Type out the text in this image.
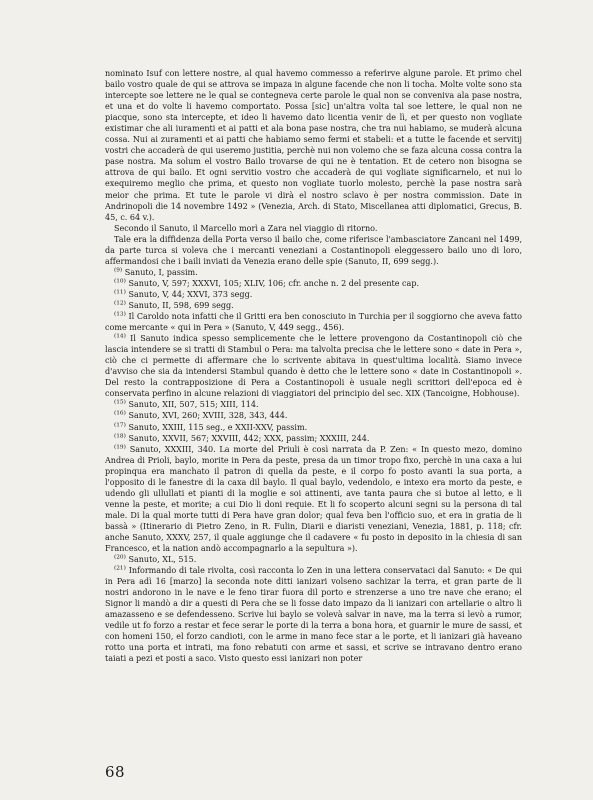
nominato Isuf con lettere nostre, al qual havemo commesso a referirve algune parole. Et primo chel bailo vostro quale de qui se attrova se impaza in algune facende che non li tocha. Molte volte sono sta intercepte soe lettere ne le qual se contegneva certe parole le qual non se conveniva ala pase nostra, et una et do volte li havemo comportato. Possa [sic] un'altra volta tal soe lettere, le qual non ne piacque, sono sta intercepte, et ideo li havemo dato licentia venir de lì, et per questo non vogliate existimar che ali iuramenti et ai patti et ala bona pase nostra, che tra nui habiamo, se muderà alcuna cossa. Nui ai zuramenti et ai patti che habiamo semo fermi et stabeli: et a tutte le facende et servitij vostri che accaderà de qui useremo justitia, perchè nui non volemo che se faza alcuna cossa contra la pase nostra. Ma solum el vostro Bailo trovarse de qui ne è tentation. Et de cetero non bisogna se attrova de qui bailo. Et ogni servitio vostro che accaderà de qui vogliate significarnelo, et nui lo exequiremo meglio che prima, et questo non vogliate tuorlo molesto, perchè la pase nostra sarà meior che prima. Et tute le parole vi dirà el nostro sclavo è per nostra commission. Date in Andrinopoli die 14 novembre 1492 » (Venezia, Arch. di Stato, Miscellanea atti diplomatici, Grecus, B. 45, c. 64 v.).

Secondo il Sanuto, il Marcello morì a Zara nel viaggio di ritorno.

Tale era la diffidenza della Porta verso il bailo che, come riferisce l'ambasciatore Zancani nel 1499, da parte turca si voleva che i mercanti veneziani a Costantinopoli eleggessero bailo uno di loro, affermandosi che i baili inviati da Venezia erano delle spie (Sanuto, II, 699 segg.).

$^{(9)}$ Sanuto, I, passim.

$^{(10)}$ Sanuto, V, 597; XXXVI, 105; XLIV, 106; cfr. anche n. 2 del presente cap.

$^{(11)}$ Sanuto, V, 44; XXVI, 373 segg.

$^{(12)}$ Sanuto, II, 598, 699 segg.

$^{(13)}$ Il Caroldo nota infatti che il Gritti era ben conosciuto in Turchia per il soggiorno che aveva fatto come mercante « qui in Pera » (Sanuto, V, 449 segg., 456).

$^{(14)}$ Il Sanuto indica spesso semplicemente che le lettere provengono da Costantinopoli ciò che lascia intendere se si tratti di Stambul o Pera: ma talvolta precisa che le lettere sono « date in Pera », ciò che ci permette di affermare che lo scrivente abitava in quest'ultima località. Siamo invece d'avviso che sia da intendersi Stambul quando è detto che le lettere sono « date in Costantinopoli ». Del resto la contrapposizione di Pera a Costantinopoli è usuale negli scrittori dell'epoca ed è conservata perfino in alcune relazioni di viaggiatori del principio del sec. XIX (Tancoigne, Hobhouse).

$^{(15)}$ Sanuto, XII, 507, 515; XIII, 114.

$^{(16)}$ Sanuto, XVI, 260; XVIII, 328, 343, 444.

$^{(17)}$ Sanuto, XXIII, 115 seg., e XXII-XXV, passim.

$^{(18)}$ Sanuto, XXVII, 567; XXVIII, 442; XXX, passim; XXXIII, 244.

$^{(19)}$ Sanuto, XXXIII, 340. La morte del Priuli è così narrata da P. Zen: « In questo mezo, domino Andrea di Prioli, baylo, morite in Pera da peste, presa da un timor tropo fixo, perchè in una caxa a lui propinqua era manchato il patron di quella da peste, e il corpo fo posto avanti la sua porta, a l'opposito di le fanestre di la caxa dil baylo. Il qual baylo, vedendolo, e intexo era morto da peste, e udendo gli ullullati et pianti di la moglie e soi attinenti, ave tanta paura che si butoe al letto, e li venne la peste, et morite; a cui Dio li doni requie. Et li fo scoperto alcuni segni su la persona di tal male. Di la qual morte tutti di Pera have gran dolor; qual feva ben l'officio suo, et era in gratia de li bassà » (Itinerario di Pietro Zeno, in R. Fulin, Diarii e diaristi veneziani, Venezia, 1881, p. 118; cfr. anche Sanuto, XXXV, 257, il quale aggiunge che il cadavere « fu posto in deposito in la chiesia di san Francesco, et la nation andò accompagnarlo a la sepultura »).

$^{(20)}$ Sanuto, XL, 515.

$^{(21)}$ Informando di tale rivolta, così racconta lo Zen in una lettera conservataci dal Sanuto: « De qui in Pera adì 16 [marzo] la seconda note ditti ianizari volseno sachizar la terra, et gran parte de li nostri andorono in le nave e le feno tirar fuora dil porto e strenzerse a uno tre nave che erano; el Signor li mandò a dir a questi di Pera che se li fosse dato impazo da li ianizari con artellarie o altro li amazasseno e se defendesseno. Scrive lui baylo se volevà salvar in nave, ma la terra si levò a rumor, vedile ut fo forzo a restar et fece serar le porte di la terra a bona hora, et guarnir le mure de sassi, et con homeni 150, el forzo candioti, con le arme in mano fece star a le porte, et li ianizari già haveano rotto una porta et intrati, ma fono rebatuti con arme et sassi, et scrive se intravano dentro erano taiati a pezi et posti a saco. Visto questo essi ianizari non poter

68
